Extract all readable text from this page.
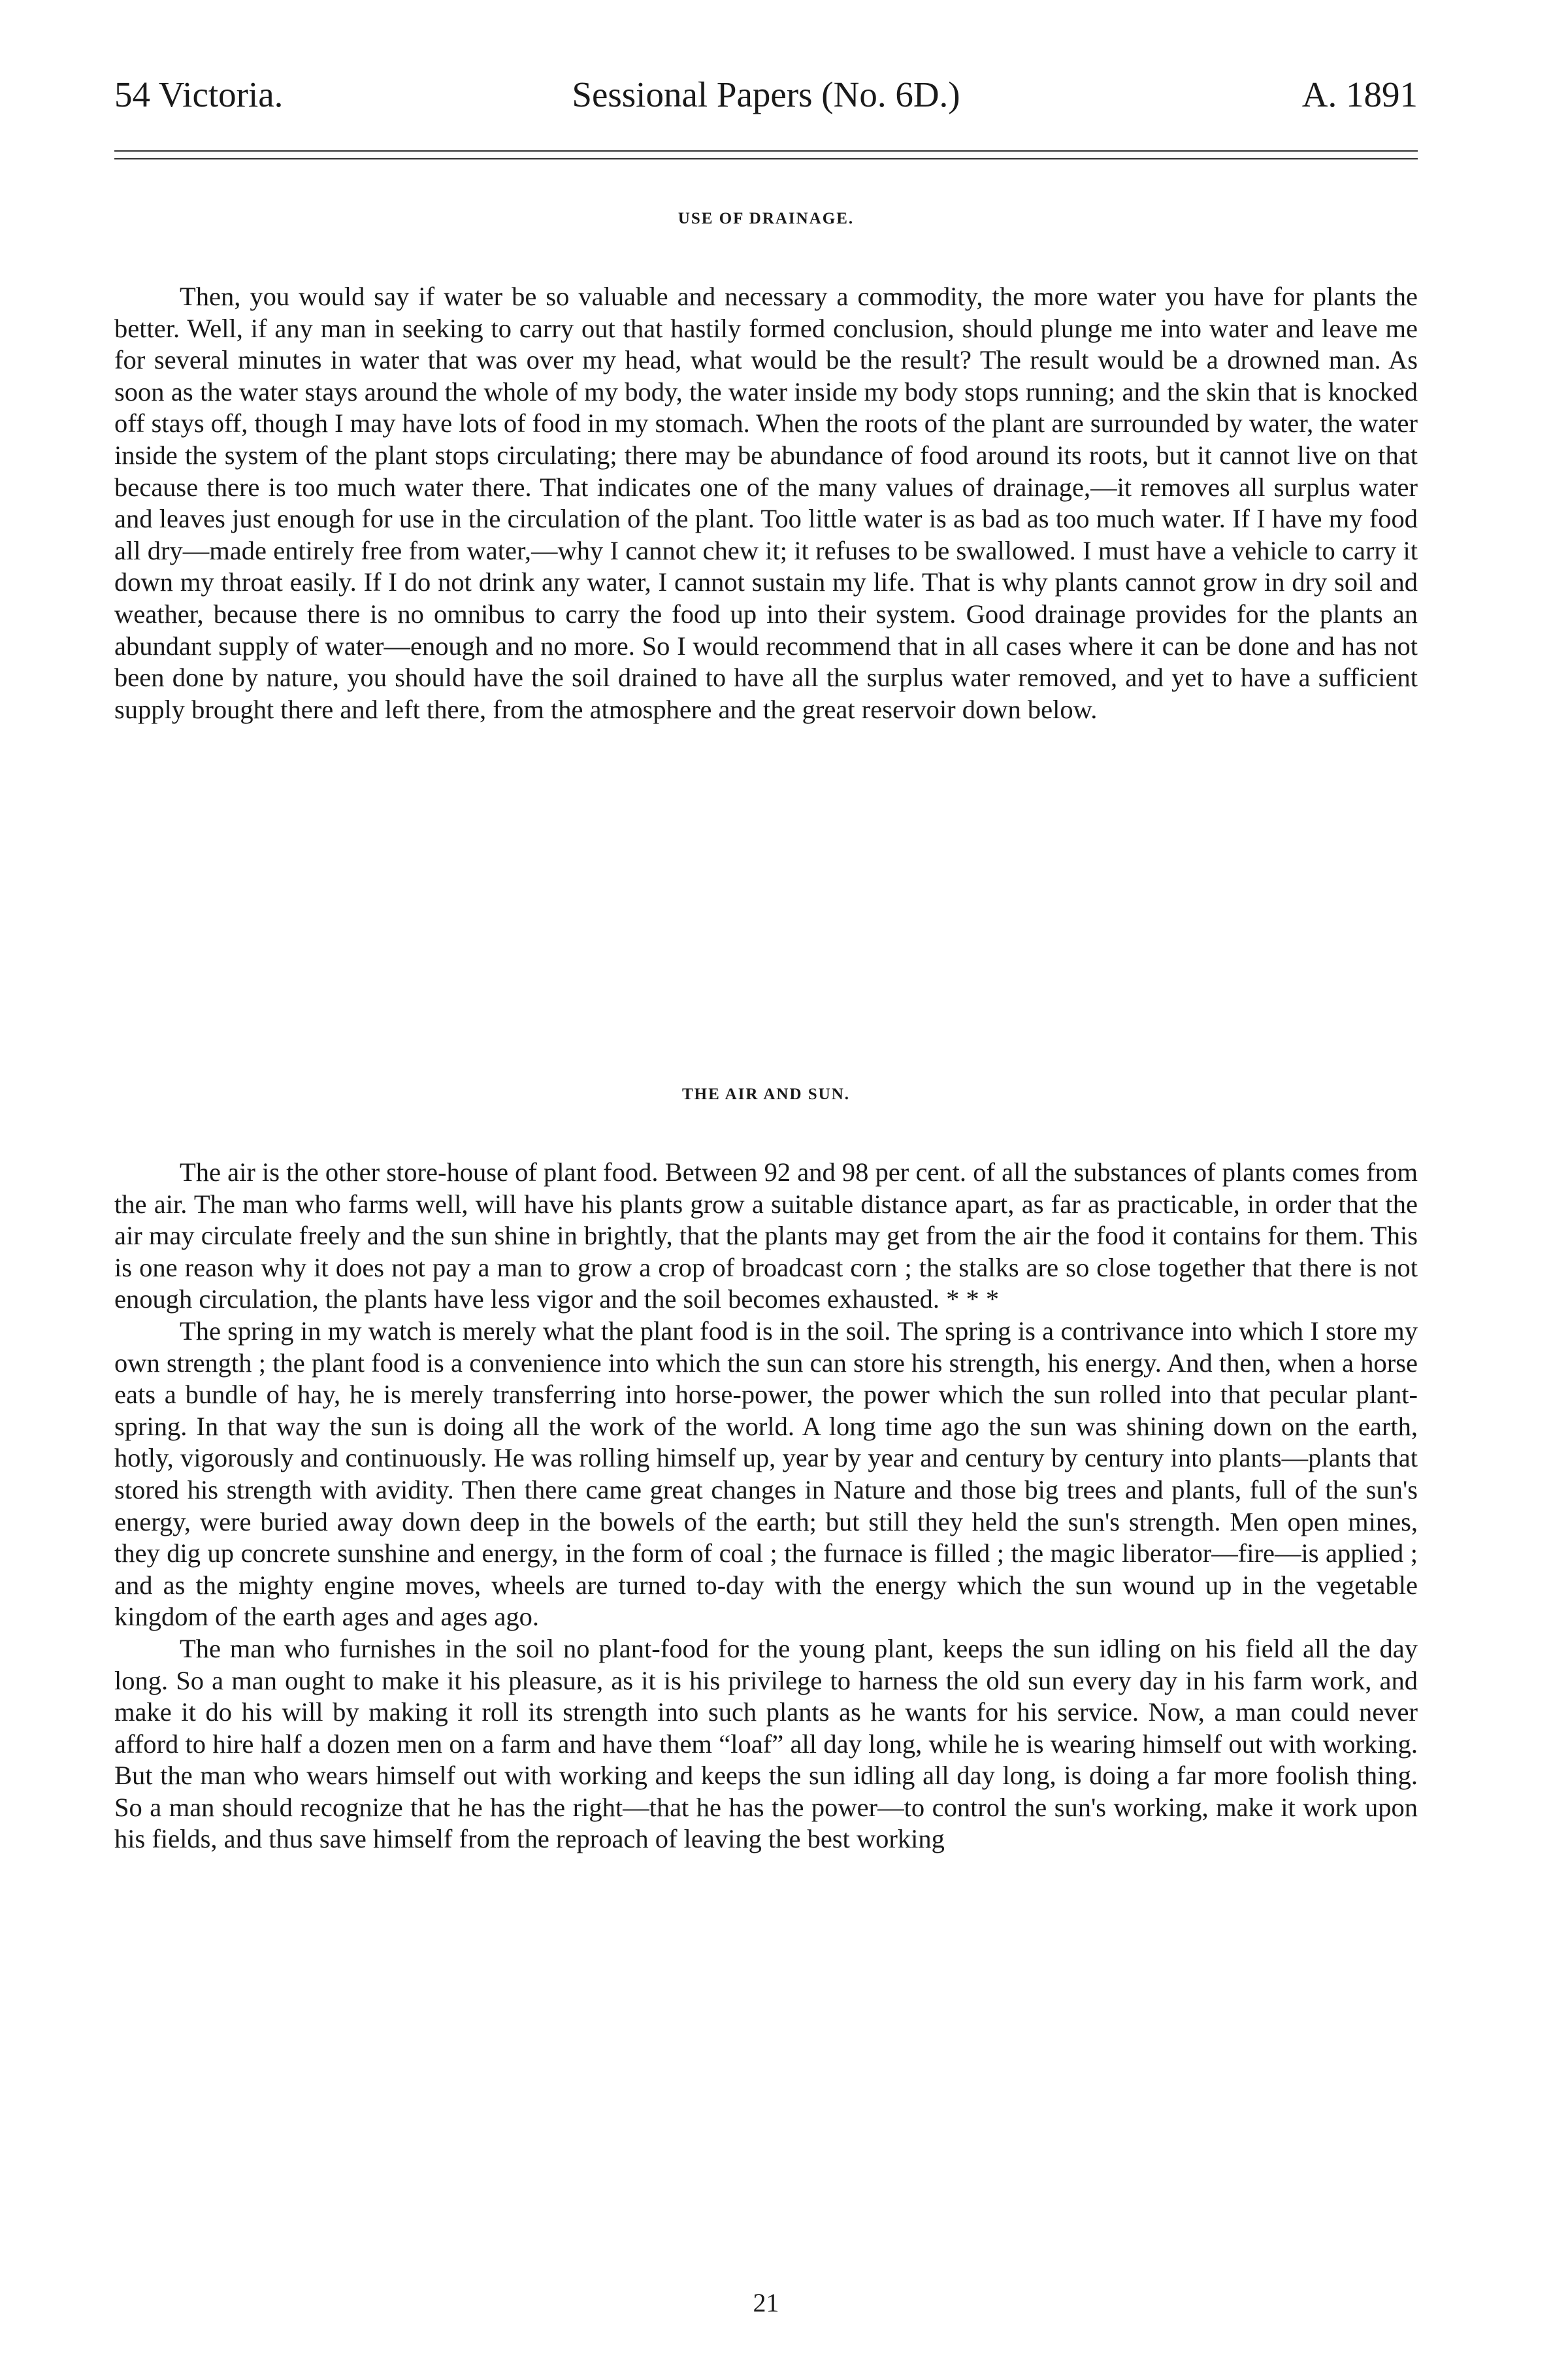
54 Victoria.	Sessional Papers (No. 6D.)	A. 1891
USE OF DRAINAGE.

Then, you would say if water be so valuable and necessary a commodity, the more water you have for plants the better. Well, if any man in seeking to carry out that hastily formed conclusion, should plunge me into water and leave me for several minutes in water that was over my head, what would be the result? The result would be a drowned man. As soon as the water stays around the whole of my body, the water inside my body stops running; and the skin that is knocked off stays off, though I may have lots of food in my stomach. When the roots of the plant are surrounded by water, the water inside the system of the plant stops circulating; there may be abundance of food around its roots, but it cannot live on that because there is too much water there. That indicates one of the many values of drainage,—it removes all surplus water and leaves just enough for use in the circulation of the plant. Too little water is as bad as too much water. If I have my food all dry—made entirely free from water,—why I cannot chew it; it refuses to be swallowed. I must have a vehicle to carry it down my throat easily. If I do not drink any water, I cannot sustain my life. That is why plants cannot grow in dry soil and weather, because there is no omnibus to carry the food up into their system. Good drainage provides for the plants an abundant supply of water—enough and no more. So I would recommend that in all cases where it can be done and has not been done by nature, you should have the soil drained to have all the surplus water removed, and yet to have a sufficient supply brought there and left there, from the atmosphere and the great reservoir down below.

THE AIR AND SUN.

The air is the other store-house of plant food. Between 92 and 98 per cent. of all the substances of plants comes from the air. The man who farms well, will have his plants grow a suitable distance apart, as far as practicable, in order that the air may circulate freely and the sun shine in brightly, that the plants may get from the air the food it contains for them. This is one reason why it does not pay a man to grow a crop of broadcast corn ; the stalks are so close together that there is not enough circulation, the plants have less vigor and the soil becomes exhausted. * * *

The spring in my watch is merely what the plant food is in the soil. The spring is a contrivance into which I store my own strength ; the plant food is a convenience into which the sun can store his strength, his energy. And then, when a horse eats a bundle of hay, he is merely transferring into horse-power, the power which the sun rolled into that pecular plant-spring. In that way the sun is doing all the work of the world. A long time ago the sun was shining down on the earth, hotly, vigorously and continuously. He was rolling himself up, year by year and century by century into plants—plants that stored his strength with avidity. Then there came great changes in Nature and those big trees and plants, full of the sun's energy, were buried away down deep in the bowels of the earth; but still they held the sun's strength. Men open mines, they dig up concrete sunshine and energy, in the form of coal ; the furnace is filled ; the magic liberator—fire—is applied ; and as the mighty engine moves, wheels are turned to-day with the energy which the sun wound up in the vegetable kingdom of the earth ages and ages ago.

The man who furnishes in the soil no plant-food for the young plant, keeps the sun idling on his field all the day long. So a man ought to make it his pleasure, as it is his privilege to harness the old sun every day in his farm work, and make it do his will by making it roll its strength into such plants as he wants for his service. Now, a man could never afford to hire half a dozen men on a farm and have them “loaf” all day long, while he is wearing himself out with working. But the man who wears himself out with working and keeps the sun idling all day long, is doing a far more foolish thing. So a man should recognize that he has the right—that he has the power—to control the sun's working, make it work upon his fields, and thus save himself from the reproach of leaving the best working

21
